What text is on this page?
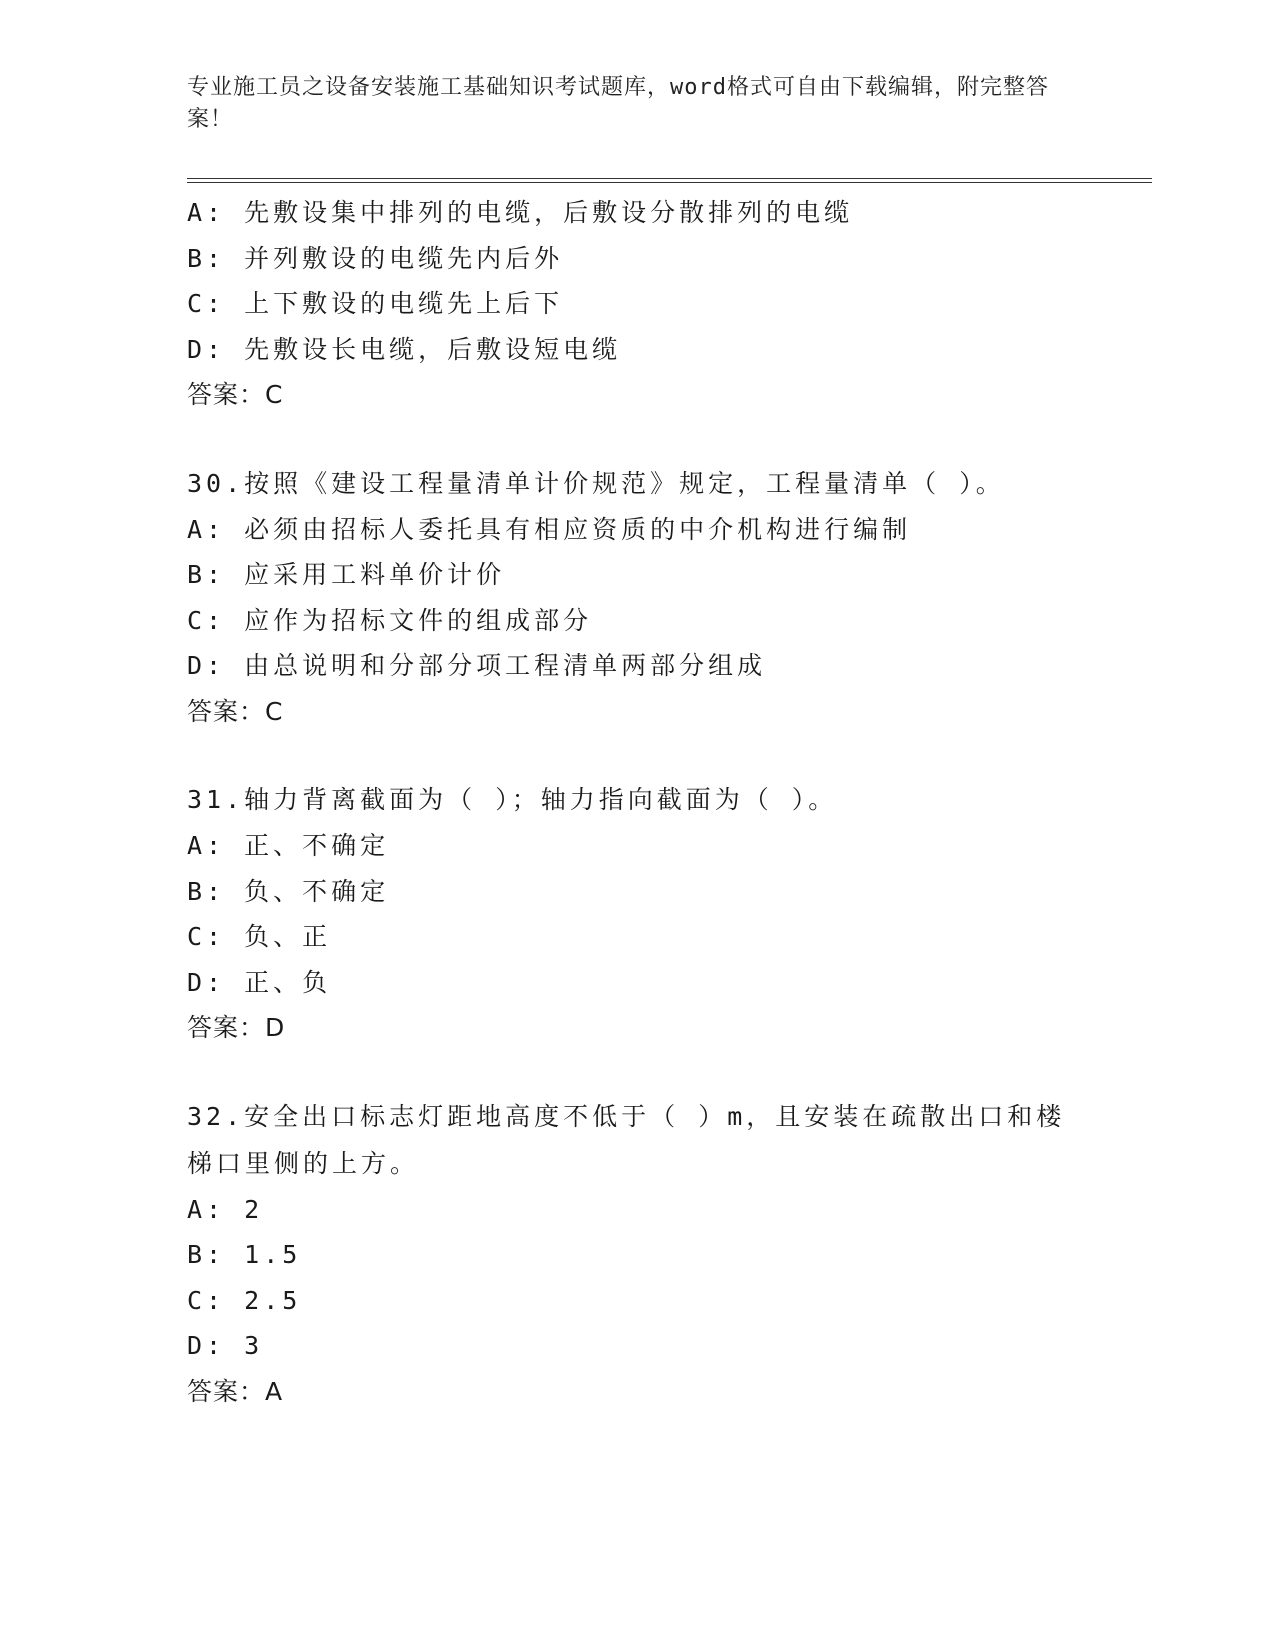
专业施工员之设备安装施工基础知识考试题库，word格式可自由下载编辑，附完整答案！
A: 先敷设集中排列的电缆，后敷设分散排列的电缆
B: 并列敷设的电缆先内后外
C: 上下敷设的电缆先上后下
D: 先敷设长电缆，后敷设短电缆
答案：C
30.按照《建设工程量清单计价规范》规定，工程量清单（ ）。
A: 必须由招标人委托具有相应资质的中介机构进行编制
B: 应采用工料单价计价
C: 应作为招标文件的组成部分
D: 由总说明和分部分项工程清单两部分组成
答案：C
31.轴力背离截面为（ ）；轴力指向截面为（ ）。
A: 正、不确定
B: 负、不确定
C: 负、正
D: 正、负
答案：D
32.安全出口标志灯距地高度不低于（ ）m，且安装在疏散出口和楼梯口里侧的上方。
A: 2
B: 1.5
C: 2.5
D: 3
答案：A
